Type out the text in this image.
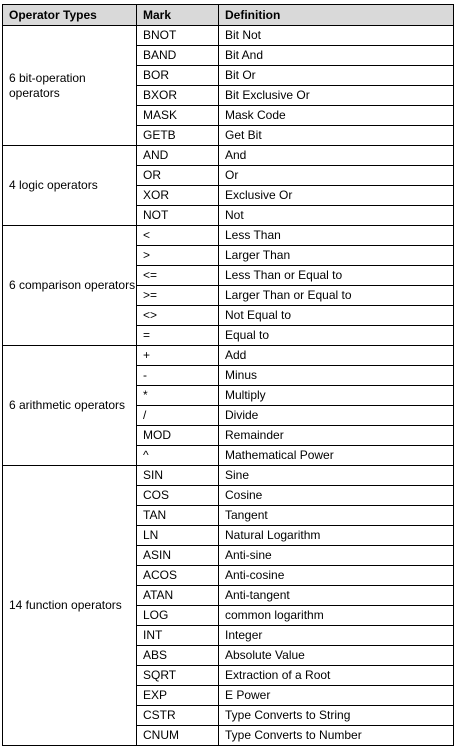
Operator Types	Mark	Definition
6 bit-operation operators	BNOT	Bit Not
	BAND	Bit And
	BOR	Bit Or
	BXOR	Bit Exclusive Or
	MASK	Mask Code
	GETB	Get Bit
4 logic operators	AND	And
	OR	Or
	XOR	Exclusive Or
	NOT	Not
6 comparison operators	<	Less Than
	>	Larger Than
	<=	Less Than or Equal to
	>=	Larger Than or Equal to
	<>	Not Equal to
	=	Equal to
6 arithmetic operators	+	Add
	-	Minus
	*	Multiply
	/	Divide
	MOD	Remainder
	^	Mathematical Power
14 function operators	SIN	Sine
	COS	Cosine
	TAN	Tangent
	LN	Natural Logarithm
	ASIN	Anti-sine
	ACOS	Anti-cosine
	ATAN	Anti-tangent
	LOG	common logarithm
	INT	Integer
	ABS	Absolute Value
	SQRT	Extraction of a Root
	EXP	E Power
	CSTR	Type Converts to String
	CNUM	Type Converts to Number
